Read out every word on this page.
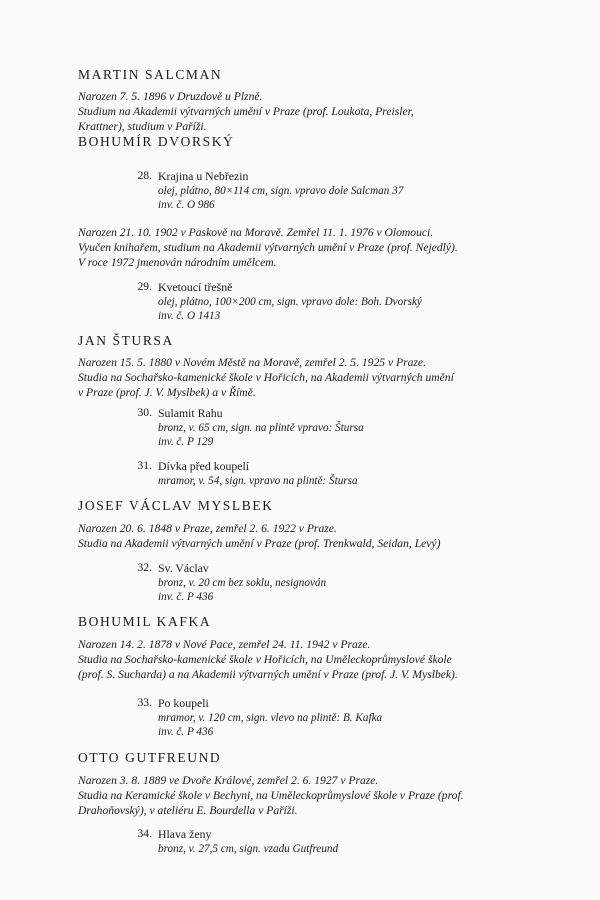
MARTIN SALCMAN
Narozen 7. 5. 1896 v Druzdově u Plzně.
Studium na Akademii výtvarných umění v Praze (prof. Loukota, Preisler,
Krattner), studium v Paříži.
BOHUMÍR DVORSKÝ
28. Krajina u Nebřezin
olej, plátno, 80×114 cm, sign. vpravo dole Salcman 37
inv. č. O 986
Narozen 21. 10. 1902 v Paskově na Moravě. Zemřel 11. 1. 1976 v Olomouci.
Vyučen knihařem, studium na Akademii výtvarných umění v Praze (prof. Nejedlý).
V roce 1972 jmenován národním umělcem.
29. Kvetoucí třešně
olej, plátno, 100×200 cm, sign. vpravo dole: Boh. Dvorský
inv. č. O 1413
JAN ŠTURSA
Narozen 15. 5. 1880 v Novém Městě na Moravě, zemřel 2. 5. 1925 v Praze.
Studia na Sochařsko-kamenické škole v Hořicích, na Akademii výtvarných umění
v Praze (prof. J. V. Myslbek) a v Římě.
30. Sulamit Rahu
bronz, v. 65 cm, sign. na plintě vpravo: Štursa
inv. č. P 129
31. Dívka před koupelí
mramor, v. 54, sign. vpravo na plintě: Štursa
JOSEF VÁCLAV MYSLBEK
Narozen 20. 6. 1848 v Praze, zemřel 2. 6. 1922 v Praze.
Studia na Akademii výtvarných umění v Praze (prof. Trenkwald, Seidan, Levý)
32. Sv. Václav
bronz, v. 20 cm bez soklu, nesignován
inv. č. P 436
BOHUMIL KAFKA
Narozen 14. 2. 1878 v Nové Pace, zemřel 24. 11. 1942 v Praze.
Studia na Sochařsko-kamenické škole v Hořicích, na Uměleckoprůmyslové škole
(prof. S. Sucharda) a na Akademii výtvarných umění v Praze (prof. J. V. Myslbek).
33. Po koupeli
mramor, v. 120 cm, sign. vlevo na plintě: B. Kafka
inv. č. P 436
OTTO GUTFREUND
Narozen 3. 8. 1889 ve Dvoře Králové, zemřel 2. 6. 1927 v Praze.
Studia na Keramické škole v Bechyni, na Uměleckoprůmyslové škole v Praze (prof.
Drahoňovský), v ateliéru E. Bourdella v Paříži.
34. Hlava ženy
bronz, v. 27,5 cm, sign. vzadu Gutfreund
